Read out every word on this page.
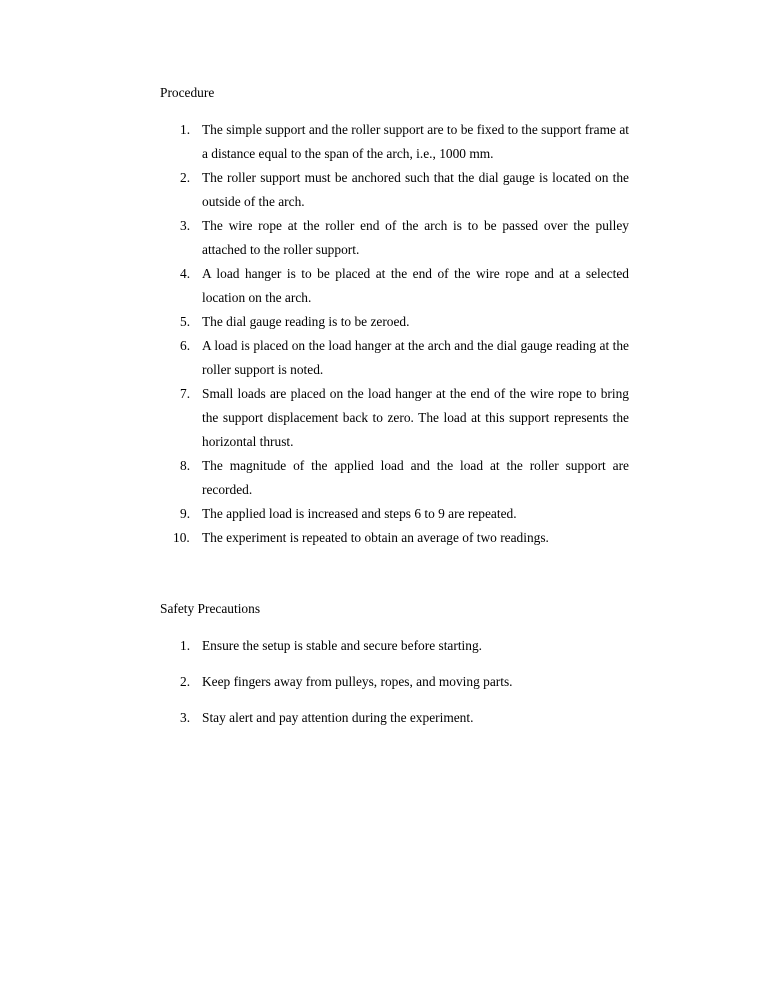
Procedure
1. The simple support and the roller support are to be fixed to the support frame at a distance equal to the span of the arch, i.e., 1000 mm.
2. The roller support must be anchored such that the dial gauge is located on the outside of the arch.
3. The wire rope at the roller end of the arch is to be passed over the pulley attached to the roller support.
4. A load hanger is to be placed at the end of the wire rope and at a selected location on the arch.
5. The dial gauge reading is to be zeroed.
6. A load is placed on the load hanger at the arch and the dial gauge reading at the roller support is noted.
7. Small loads are placed on the load hanger at the end of the wire rope to bring the support displacement back to zero. The load at this support represents the horizontal thrust.
8. The magnitude of the applied load and the load at the roller support are recorded.
9. The applied load is increased and steps 6 to 9 are repeated.
10. The experiment is repeated to obtain an average of two readings.
Safety Precautions
1. Ensure the setup is stable and secure before starting.
2. Keep fingers away from pulleys, ropes, and moving parts.
3. Stay alert and pay attention during the experiment.
